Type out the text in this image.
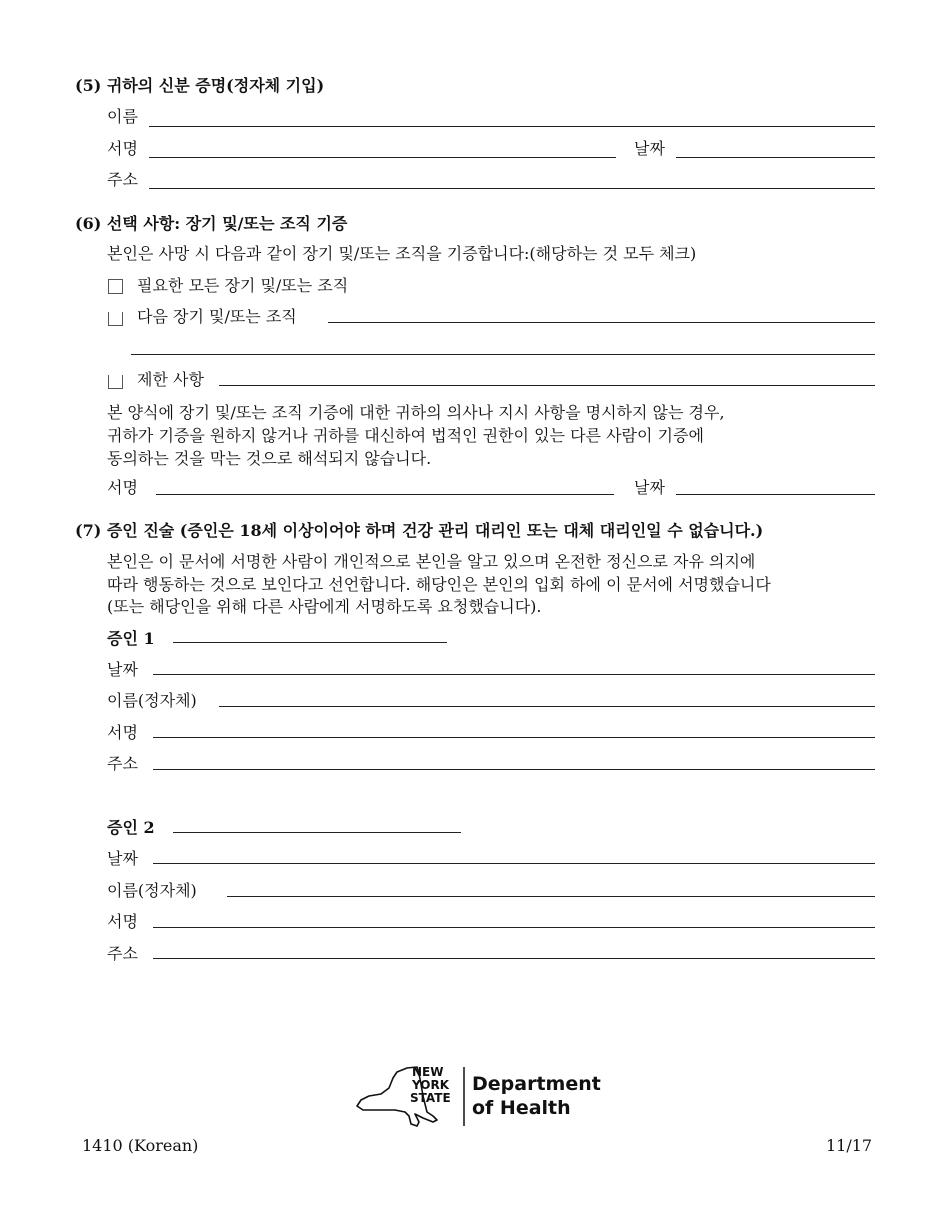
(5) 귀하의 신분 증명(정자체 기입)
이름
서명	날짜
주소
(6) 선택 사항: 장기 및/또는 조직 기증
본인은 사망 시 다음과 같이 장기 및/또는 조직을 기증합니다:(해당하는 것 모두 체크)
필요한 모든 장기 및/또는 조직
다음 장기 및/또는 조직
제한 사항
본 양식에 장기 및/또는 조직 기증에 대한 귀하의 의사나 지시 사항을 명시하지 않는 경우,
귀하가 기증을 원하지 않거나 귀하를 대신하여 법적인 권한이 있는 다른 사람이 기증에
동의하는 것을 막는 것으로 해석되지 않습니다.
서명	날짜
(7) 증인 진술 (증인은 18세 이상이어야 하며 건강 관리 대리인 또는 대체 대리인일 수 없습니다.)
본인은 이 문서에 서명한 사람이 개인적으로 본인을 알고 있으며 온전한 정신으로 자유 의지에
따라 행동하는 것으로 보인다고 선언합니다. 해당인은 본인의 입회 하에 이 문서에 서명했습니다
(또는 해당인을 위해 다른 사람에게 서명하도록 요청했습니다).
증인 1
날짜
이름(정자체)
서명
주소
증인 2
날짜
이름(정자체)
서명
주소
NEW
YORK
STATE
Department
of Health
1410 (Korean)	11/17
